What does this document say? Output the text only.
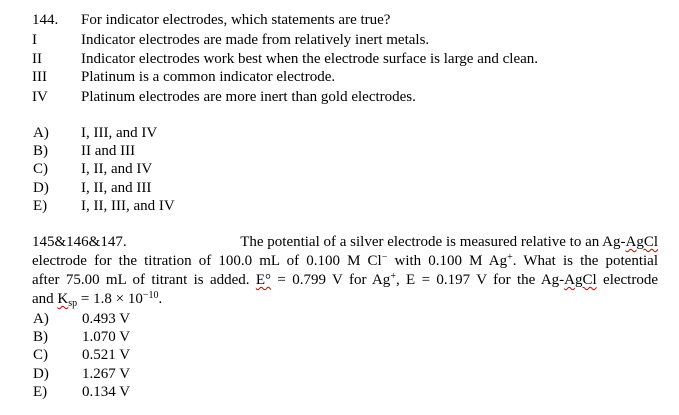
144. For indicator electrodes, which statements are true?
I	Indicator electrodes are made from relatively inert metals.
II	Indicator electrodes work best when the electrode surface is large and clean.
III Platinum is a common indicator electrode.
IV Platinum electrodes are more inert than gold electrodes.
A) I, III, and IV
B) II and III
C) I, II, and IV
D) I, II, and III
E) I, II, III, and IV
145&146&147.	The potential of a silver electrode is measured relative to an Ag-AgCl
electrode for the titration of 100.0 mL of 0.100 M Cl− with 0.100 M Ag+. What is the potential
after 75.00 mL of titrant is added. E° = 0.799 V for Ag+, E = 0.197 V for the Ag-AgCl electrode
and $K_{sp} = 1.8 \times 10^{-10}$.
A) 0.493 V
B) 1.070 V
C) 0.521 V
D) 1.267 V
E) 0.134 V
